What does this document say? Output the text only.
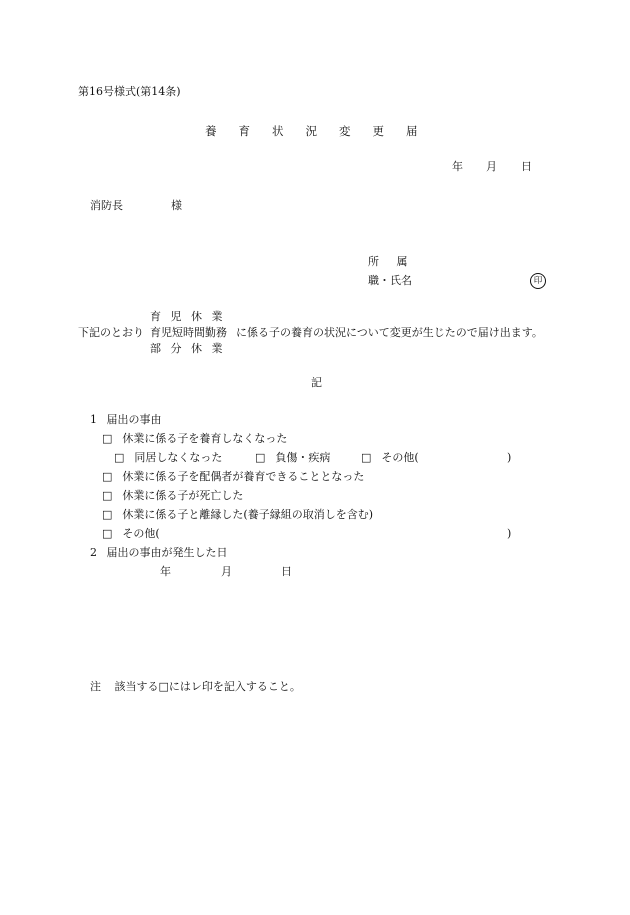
第16号様式(第14条)
養育状況変更届
年 月 日
消防長	様
所 属
職・氏名	印
育 児 休 業
下記のとおり 育児短時間勤務 に係る子の養育の状況について変更が生じたので届け出ます。
部 分 休 業
記
1 届出の事由
□ 休業に係る子を養育しなくなった
□ 同居しなくなった	□ 負傷・疾病	□ その他(	)
□ 休業に係る子を配偶者が養育できることとなった
□ 休業に係る子が死亡した
□ 休業に係る子と離縁した(養子縁組の取消しを含む)
□ その他(	)
2 届出の事由が発生した日
年	月	日
注 該当する□にはレ印を記入すること。
